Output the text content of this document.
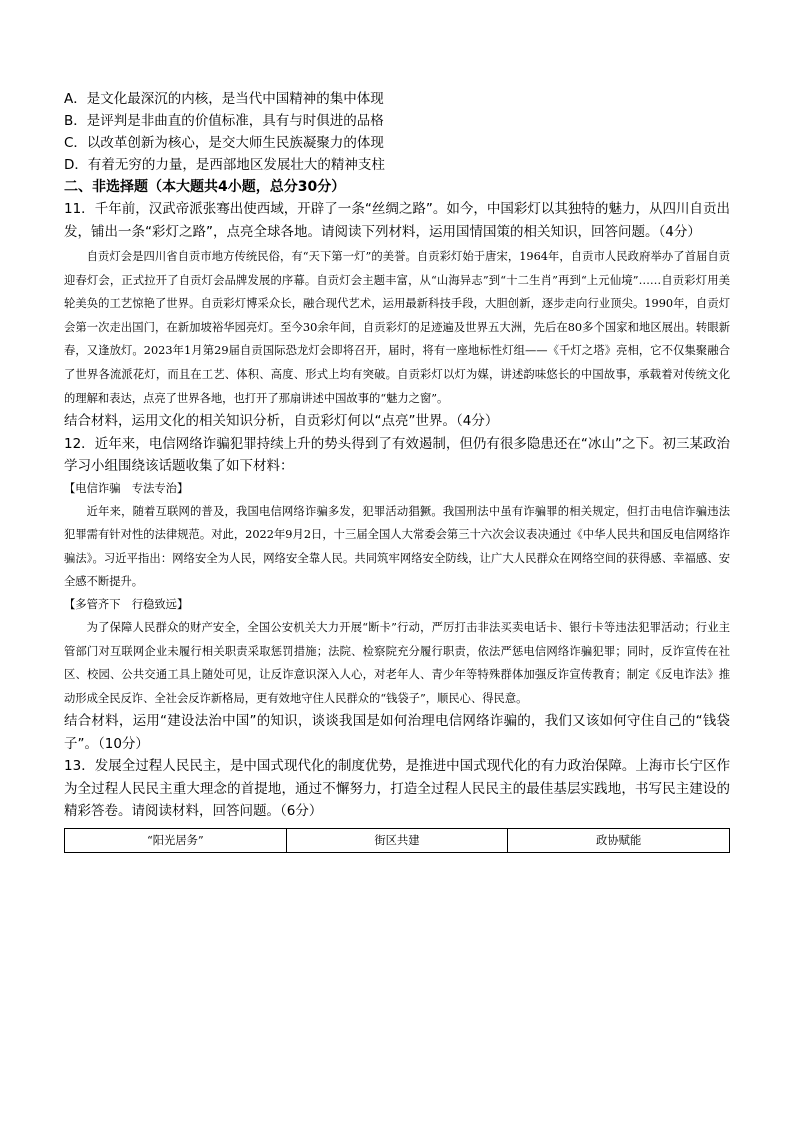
A．是文化最深沉的内核，是当代中国精神的集中体现

B．是评判是非曲直的价值标准，具有与时俱进的品格

C．以改革创新为核心，是交大师生民族凝聚力的体现

D．有着无穷的力量，是西部地区发展壮大的精神支柱

二、非选择题（本大题共4小题，总分30分）

11．千年前，汉武帝派张骞出使西域，开辟了一条“丝绸之路”。如今，中国彩灯以其独特的魅力，从四川自贡出发，铺出一条“彩灯之路”，点亮全球各地。请阅读下列材料，运用国情国策的相关知识，回答问题。（4分）

自贡灯会是四川省自贡市地方传统民俗，有“天下第一灯”的美誉。自贡彩灯始于唐宋，1964年，自贡市人民政府举办了首届自贡迎春灯会，正式拉开了自贡灯会品牌发展的序幕。自贡灯会主题丰富，从“山海异志”到“十二生肖”再到“上元仙境”……自贡彩灯用美轮美奂的工艺惊艳了世界。自贡彩灯博采众长，融合现代艺术，运用最新科技手段，大胆创新，逐步走向行业顶尖。1990年，自贡灯会第一次走出国门，在新加坡裕华园亮灯。至今30余年间，自贡彩灯的足迹遍及世界五大洲，先后在80多个国家和地区展出。转眼新春，又逢放灯。2023年1月第29届自贡国际恐龙灯会即将召开，届时，将有一座地标性灯组——《千灯之塔》亮相，它不仅集聚融合了世界各流派花灯，而且在工艺、体积、高度、形式上均有突破。自贡彩灯以灯为媒，讲述韵味悠长的中国故事，承载着对传统文化的理解和表达，点亮了世界各地，也打开了那扇讲述中国故事的“魅力之窗”。

结合材料，运用文化的相关知识分析，自贡彩灯何以“点亮”世界。（4分）

12．近年来，电信网络诈骗犯罪持续上升的势头得到了有效遏制，但仍有很多隐患还在“冰山”之下。初三某政治学习小组围绕该话题收集了如下材料：

【电信诈骗　专法专治】

近年来，随着互联网的普及，我国电信网络诈骗多发，犯罪活动猖獗。我国刑法中虽有诈骗罪的相关规定，但打击电信诈骗违法犯罪需有针对性的法律规范。对此，2022年9月2日，十三届全国人大常委会第三十六次会议表决通过《中华人民共和国反电信网络诈骗法》。习近平指出：网络安全为人民，网络安全靠人民。共同筑牢网络安全防线，让广大人民群众在网络空间的获得感、幸福感、安全感不断提升。

【多管齐下　行稳致远】

为了保障人民群众的财产安全，全国公安机关大力开展“断卡”行动，严厉打击非法买卖电话卡、银行卡等违法犯罪活动；行业主管部门对互联网企业未履行相关职责采取惩罚措施；法院、检察院充分履行职责，依法严惩电信网络诈骗犯罪；同时，反诈宣传在社区、校园、公共交通工具上随处可见，让反诈意识深入人心，对老年人、青少年等特殊群体加强反诈宣传教育；制定《反电诈法》推动形成全民反诈、全社会反诈新格局，更有效地守住人民群众的“钱袋子”，顺民心、得民意。

结合材料，运用“建设法治中国”的知识，谈谈我国是如何治理电信网络诈骗的，我们又该如何守住自己的“钱袋子”。（10分）

13．发展全过程人民民主，是中国式现代化的制度优势，是推进中国式现代化的有力政治保障。上海市长宁区作为全过程人民民主重大理念的首提地，通过不懈努力，打造全过程人民民主的最佳基层实践地，书写民主建设的精彩答卷。请阅读材料，回答问题。（6分）

“阳光居务”	街区共建	政协赋能
